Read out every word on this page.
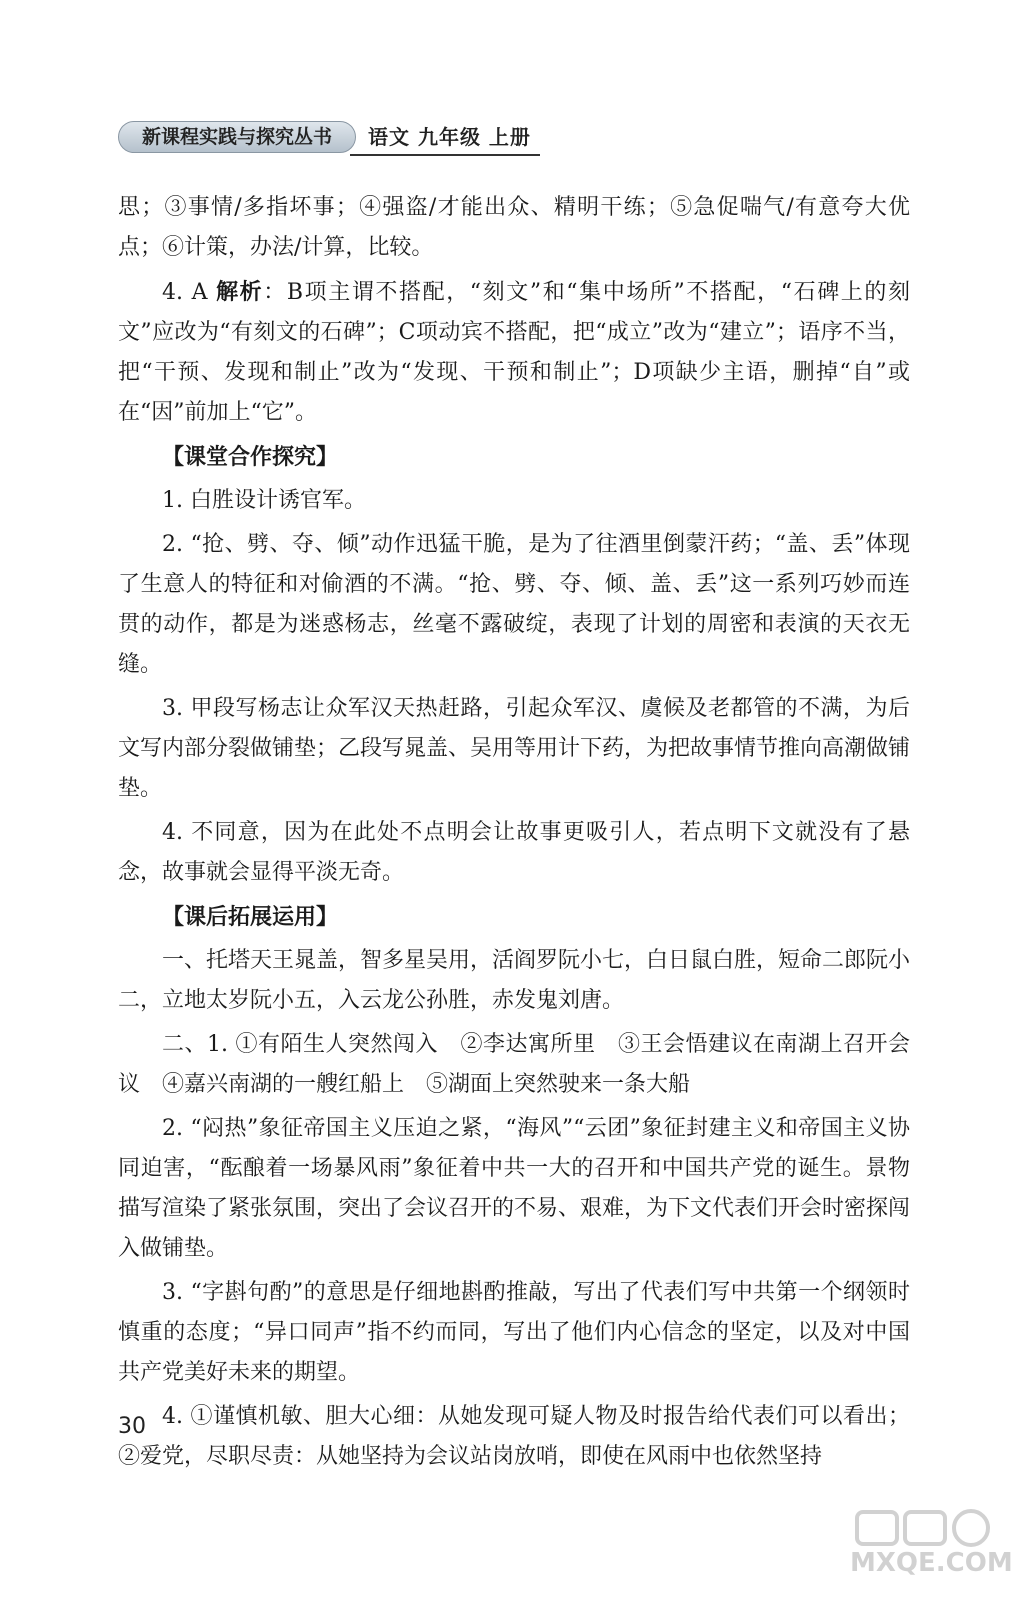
新课程实践与探究丛书	语文 九年级 上册

思；③事情/多指坏事；④强盗/才能出众、精明干练；⑤急促喘气/有意夸大优点；⑥计策，办法/计算，比较。

4. A 解析：B项主谓不搭配，“刻文”和“集中场所”不搭配，“石碑上的刻文”应改为“有刻文的石碑”；C项动宾不搭配，把“成立”改为“建立”；语序不当，把“干预、发现和制止”改为“发现、干预和制止”；D项缺少主语，删掉“自”或在“因”前加上“它”。

【课堂合作探究】

1. 白胜设计诱官军。

2. “抢、劈、夺、倾”动作迅猛干脆，是为了往酒里倒蒙汗药；“盖、丢”体现了生意人的特征和对偷酒的不满。“抢、劈、夺、倾、盖、丢”这一系列巧妙而连贯的动作，都是为迷惑杨志，丝毫不露破绽，表现了计划的周密和表演的天衣无缝。

3. 甲段写杨志让众军汉天热赶路，引起众军汉、虞候及老都管的不满，为后文写内部分裂做铺垫；乙段写晁盖、吴用等用计下药，为把故事情节推向高潮做铺垫。

4. 不同意，因为在此处不点明会让故事更吸引人，若点明下文就没有了悬念，故事就会显得平淡无奇。

【课后拓展运用】

一、托塔天王晁盖，智多星吴用，活阎罗阮小七，白日鼠白胜，短命二郎阮小二，立地太岁阮小五，入云龙公孙胜，赤发鬼刘唐。

二、1. ①有陌生人突然闯入　②李达寓所里　③王会悟建议在南湖上召开会议　④嘉兴南湖的一艘红船上　⑤湖面上突然驶来一条大船

2. “闷热”象征帝国主义压迫之紧，“海风”“云团”象征封建主义和帝国主义协同迫害，“酝酿着一场暴风雨”象征着中共一大的召开和中国共产党的诞生。景物描写渲染了紧张氛围，突出了会议召开的不易、艰难，为下文代表们开会时密探闯入做铺垫。

3. “字斟句酌”的意思是仔细地斟酌推敲，写出了代表们写中共第一个纲领时慎重的态度；“异口同声”指不约而同，写出了他们内心信念的坚定，以及对中国共产党美好未来的期望。

4. ①谨慎机敏、胆大心细：从她发现可疑人物及时报告给代表们可以看出；②爱党，尽职尽责：从她坚持为会议站岗放哨，即使在风雨中也依然坚持

30
MXQE.COM
